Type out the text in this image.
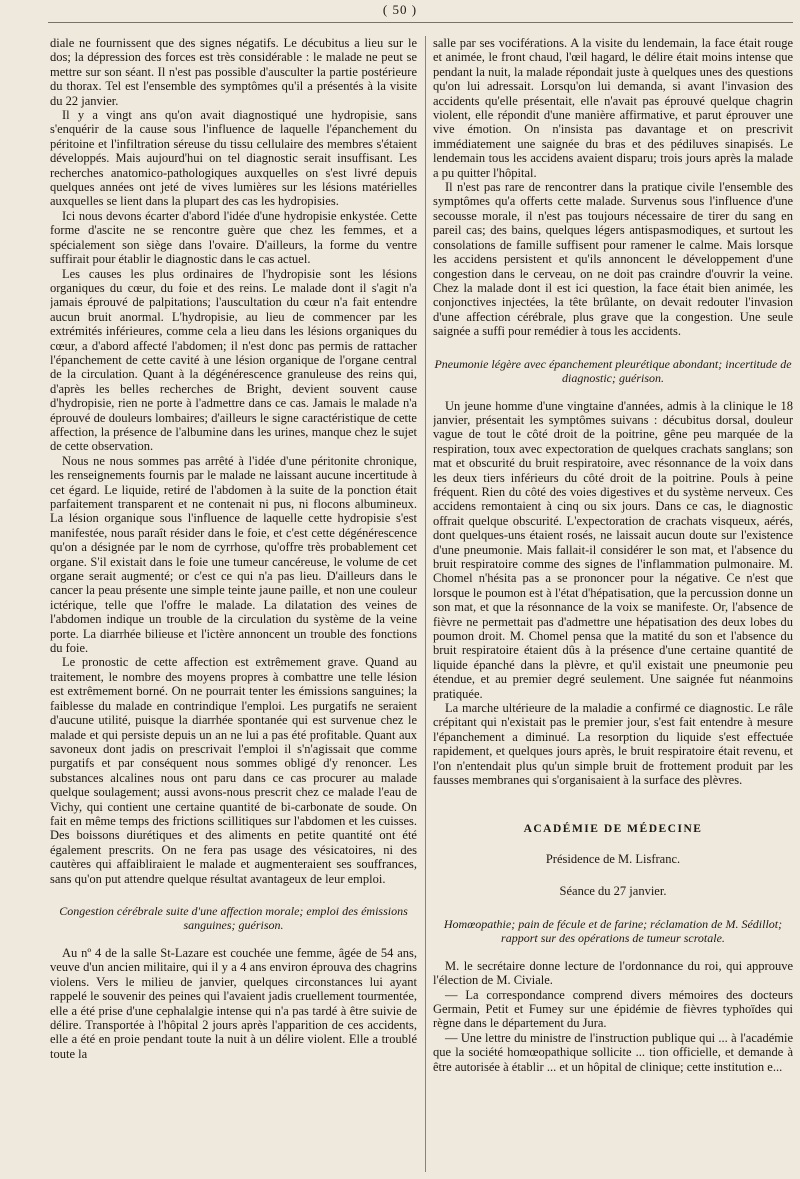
( 50 )

diale ne fournissent que des signes négatifs. Le décubitus a lieu sur le dos; la dépression des forces est très considérable : le malade ne peut se mettre sur son séant. Il n'est pas possible d'ausculter la partie postérieure du thorax. Tel est l'ensemble des symptômes qu'il a présentés à la visite du 22 janvier.

Il y a vingt ans qu'on avait diagnostiqué une hydropisie, sans s'enquérir de la cause sous l'influence de laquelle l'épanchement du péritoine et l'infiltration séreuse du tissu cellulaire des membres s'étaient développés. Mais aujourd'hui on tel diagnostic serait insuffisant. Les recherches anatomico-pathologiques auxquelles on s'est livré depuis quelques années ont jeté de vives lumières sur les lésions matérielles auxquelles se lient dans la plupart des cas les hydropisies.

Ici nous devons écarter d'abord l'idée d'une hydropisie enkystée. Cette forme d'ascite ne se rencontre guère que chez les femmes, et a spécialement son siège dans l'ovaire. D'ailleurs, la forme du ventre suffirait pour établir le diagnostic dans le cas actuel.

Les causes les plus ordinaires de l'hydropisie sont les lésions organiques du cœur, du foie et des reins. Le malade dont il s'agit n'a jamais éprouvé de palpitations; l'auscultation du cœur n'a fait entendre aucun bruit anormal. L'hydropisie, au lieu de commencer par les extrémités inférieures, comme cela a lieu dans les lésions organiques du cœur, a d'abord affecté l'abdomen; il n'est donc pas permis de rattacher l'épanchement de cette cavité à une lésion organique de l'organe central de la circulation. Quant à la dégénérescence granuleuse des reins qui, d'après les belles recherches de Bright, devient souvent cause d'hydropisie, rien ne porte à l'admettre dans ce cas. Jamais le malade n'a éprouvé de douleurs lombaires; d'ailleurs le signe caractéristique de cette affection, la présence de l'albumine dans les urines, manque chez le sujet de cette observation.

Nous ne nous sommes pas arrêté à l'idée d'une péritonite chronique, les renseignements fournis par le malade ne laissant aucune incertitude à cet égard. Le liquide, retiré de l'abdomen à la suite de la ponction était parfaitement transparent et ne contenait ni pus, ni flocons albumineux. La lésion organique sous l'influence de laquelle cette hydropisie s'est manifestée, nous paraît résider dans le foie, et c'est cette dégénérescence qu'on a désignée par le nom de cyrrhose, qu'offre très probablement cet organe. S'il existait dans le foie une tumeur cancéreuse, le volume de cet organe serait augmenté; or c'est ce qui n'a pas lieu. D'ailleurs dans le cancer la peau présente une simple teinte jaune paille, et non une couleur ictérique, telle que l'offre le malade. La dilatation des veines de l'abdomen indique un trouble de la circulation du système de la veine porte. La diarrhée bilieuse et l'ictère annoncent un trouble des fonctions du foie.

Le pronostic de cette affection est extrêmement grave. Quand au traitement, le nombre des moyens propres à combattre une telle lésion est extrêmement borné. On ne pourrait tenter les émissions sanguines; la faiblesse du malade en contrindique l'emploi. Les purgatifs ne seraient d'aucune utilité, puisque la diarrhée spontanée qui est survenue chez le malade et qui persiste depuis un an ne lui a pas été profitable. Quant aux savoneux dont jadis on prescrivait l'emploi il s'n'agissait que comme purgatifs et par conséquent nous sommes obligé d'y renoncer. Les substances alcalines nous ont paru dans ce cas procurer au malade quelque soulagement; aussi avons-nous prescrit chez ce malade l'eau de Vichy, qui contient une certaine quantité de bi-carbonate de soude. On fait en même temps des frictions scillitiques sur l'abdomen et les cuisses. Des boissons diurétiques et des aliments en petite quantité ont été également prescrits. On ne fera pas usage des vésicatoires, ni des cautères qui affaibliraient le malade et augmenteraient ses souffrances, sans qu'on put attendre quelque résultat avantageux de leur emploi.

Congestion cérébrale suite d'une affection morale; emploi des émissions sanguines; guérison.

Au nº 4 de la salle St-Lazare est couchée une femme, âgée de 54 ans, veuve d'un ancien militaire, qui il y a 4 ans environ éprouva des chagrins violens. Vers le milieu de janvier, quelques circonstances lui ayant rappelé le souvenir des peines qui l'avaient jadis cruellement tourmentée, elle a été prise d'une cephalalgie intense qui n'a pas tardé à être suivie de délire. Transportée à l'hôpital 2 jours après l'apparition de ces accidents, elle a été en proie pendant toute la nuit à un délire violent. Elle a troublé toute la

salle par ses vociférations. A la visite du lendemain, la face était rouge et animée, le front chaud, l'œil hagard, le délire était moins intense que pendant la nuit, la malade répondait juste à quelques unes des questions qu'on lui adressait. Lorsqu'on lui demanda, si avant l'invasion des accidents qu'elle présentait, elle n'avait pas éprouvé quelque chagrin violent, elle répondit d'une manière affirmative, et parut éprouver une vive émotion. On n'insista pas davantage et on prescrivit immédiatement une saignée du bras et des pédiluves sinapisés. Le lendemain tous les accidens avaient disparu; trois jours après la malade a pu quitter l'hôpital.

Il n'est pas rare de rencontrer dans la pratique civile l'ensemble des symptômes qu'a offerts cette malade. Survenus sous l'influence d'une secousse morale, il n'est pas toujours nécessaire de tirer du sang en pareil cas; des bains, quelques légers antispasmodiques, et surtout les consolations de famille suffisent pour ramener le calme. Mais lorsque les accidens persistent et qu'ils annoncent le développement d'une congestion dans le cerveau, on ne doit pas craindre d'ouvrir la veine. Chez la malade dont il est ici question, la face était bien animée, les conjonctives injectées, la tête brûlante, on devait redouter l'invasion d'une affection cérébrale, plus grave que la congestion. Une seule saignée a suffi pour remédier à tous les accidents.

Pneumonie légère avec épanchement pleurétique abondant; incertitude de diagnostic; guérison.

Un jeune homme d'une vingtaine d'années, admis à la clinique le 18 janvier, présentait les symptômes suivans : décubitus dorsal, douleur vague de tout le côté droit de la poitrine, gêne peu marquée de la respiration, toux avec expectoration de quelques crachats sanglans; son mat et obscurité du bruit respiratoire, avec résonnance de la voix dans les deux tiers inférieurs du côté droit de la poitrine. Pouls à peine fréquent. Rien du côté des voies digestives et du système nerveux. Ces accidens remontaient à cinq ou six jours. Dans ce cas, le diagnostic offrait quelque obscurité. L'expectoration de crachats visqueux, aérés, dont quelques-uns étaient rosés, ne laissait aucun doute sur l'existence d'une pneumonie. Mais fallait-il considérer le son mat, et l'absence du bruit respiratoire comme des signes de l'inflammation pulmonaire. M. Chomel n'hésita pas a se prononcer pour la négative. Ce n'est que lorsque le poumon est à l'état d'hépatisation, que la percussion donne un son mat, et que la résonnance de la voix se manifeste. Or, l'absence de fièvre ne permettait pas d'admettre une hépatisation des deux lobes du poumon droit. M. Chomel pensa que la matité du son et l'absence du bruit respiratoire étaient dûs à la présence d'une certaine quantité de liquide épanché dans la plèvre, et qu'il existait une pneumonie peu étendue, et au premier degré seulement. Une saignée fut néanmoins pratiquée.

La marche ultérieure de la maladie a confirmé ce diagnostic. Le râle crépitant qui n'existait pas le premier jour, s'est fait entendre à mesure l'épanchement a diminué. La resorption du liquide s'est effectuée rapidement, et quelques jours après, le bruit respiratoire était revenu, et l'on n'entendait plus qu'un simple bruit de frottement produit par les fausses membranes qui s'organisaient à la surface des plèvres.

ACADÉMIE DE MÉDECINE
Présidence de M. Lisfranc.
Séance du 27 janvier.
Homœopathie; pain de fécule et de farine; réclamation de M. Sédillot; rapport sur des opérations de tumeur scrotale.

M. le secrétaire donne lecture de l'ordonnance du roi, qui approuve l'élection de M. Civiale.

— La correspondance comprend divers mémoires des docteurs Germain, Petit et Fumey sur une épidémie de fièvres typhoïdes qui règne dans le département du Jura.

— Une lettre du ministre de l'instruction publique qui ... à l'académie que la société homœopathique sollicite ... tion officielle, et demande à être autorisée à établir ... et un hôpital de clinique; cette institution e...
